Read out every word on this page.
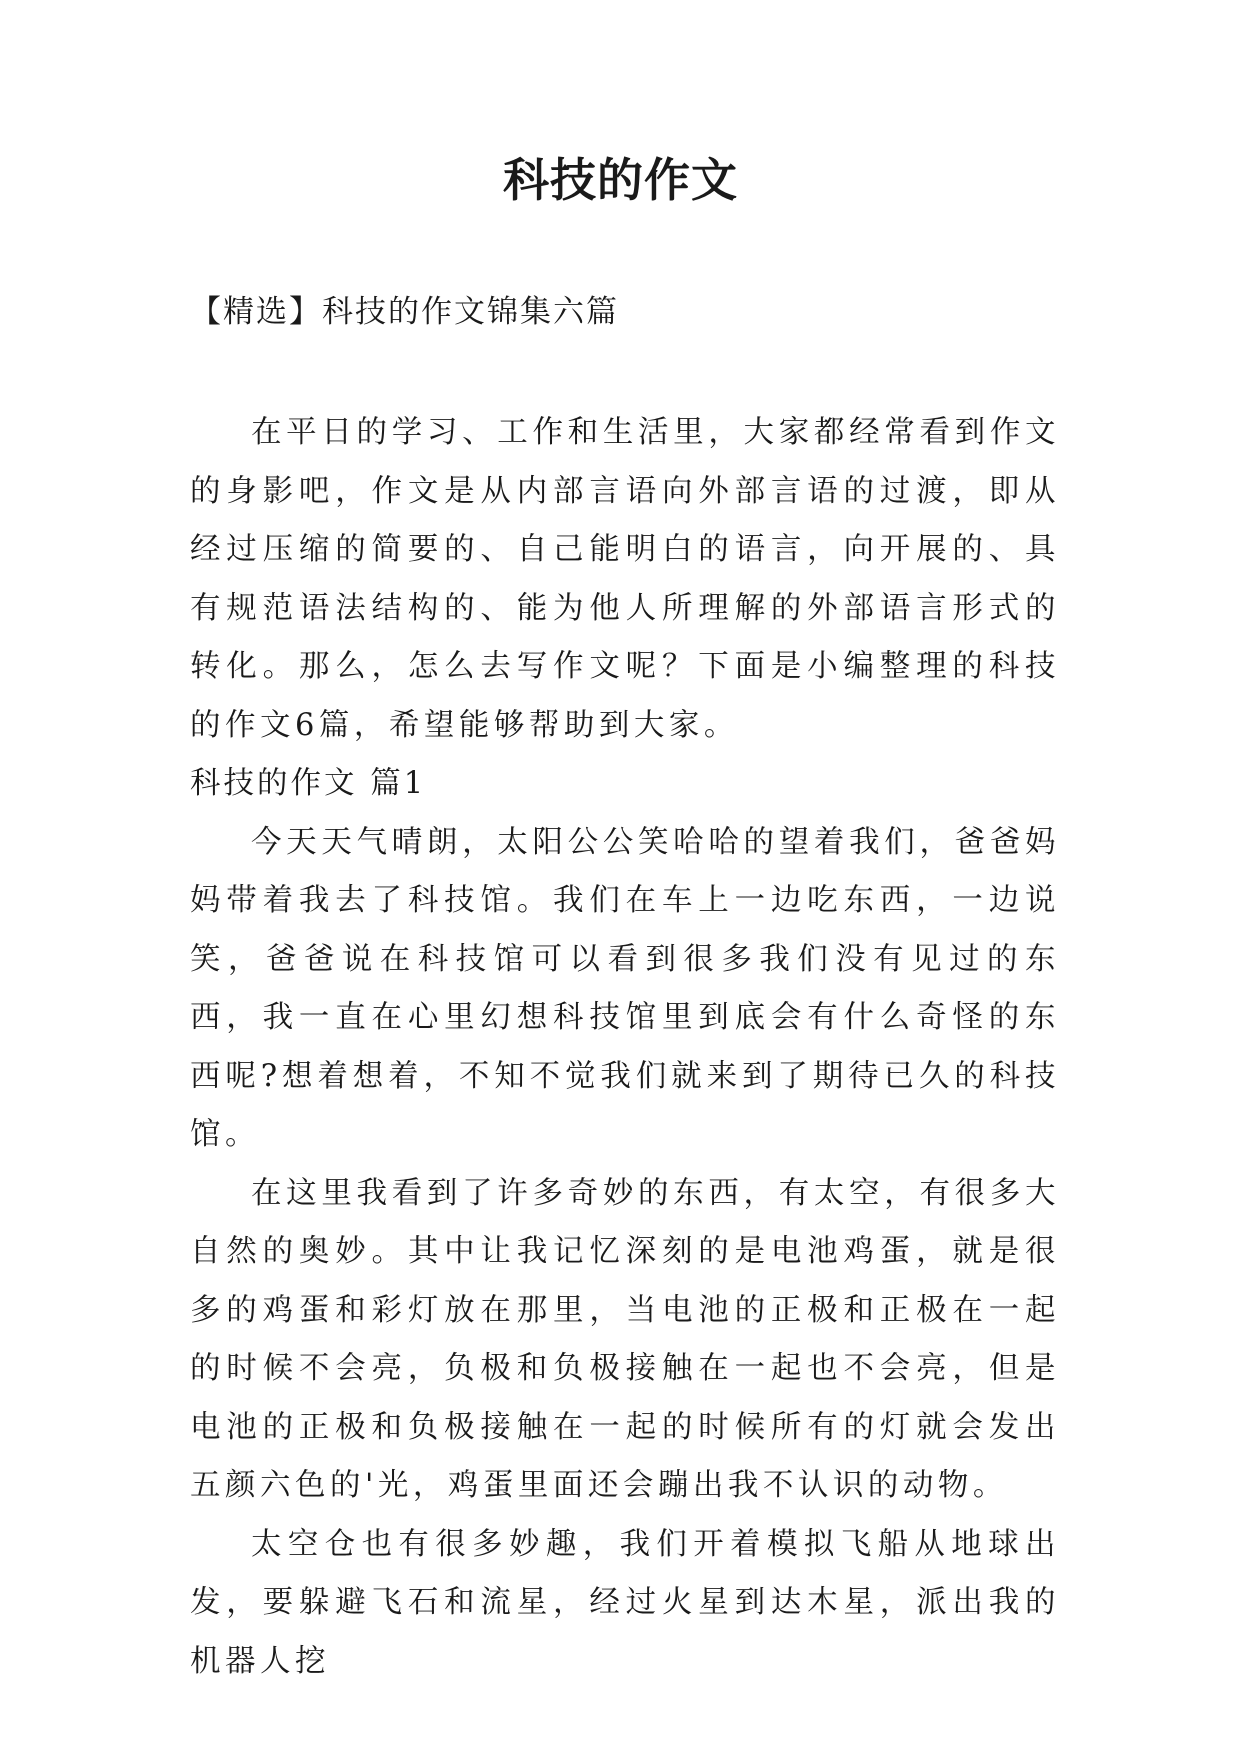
科技的作文
【精选】科技的作文锦集六篇

在平日的学习、工作和生活里，大家都经常看到作文的身影吧，作文是从内部言语向外部言语的过渡，即从经过压缩的简要的、自己能明白的语言，向开展的、具有规范语法结构的、能为他人所理解的外部语言形式的转化。那么，怎么去写作文呢？下面是小编整理的科技的作文6篇，希望能够帮助到大家。

科技的作文 篇1

今天天气晴朗，太阳公公笑哈哈的望着我们，爸爸妈妈带着我去了科技馆。我们在车上一边吃东西，一边说笑，爸爸说在科技馆可以看到很多我们没有见过的东西，我一直在心里幻想科技馆里到底会有什么奇怪的东西呢?想着想着，不知不觉我们就来到了期待已久的科技馆。

在这里我看到了许多奇妙的东西，有太空，有很多大自然的奥妙。其中让我记忆深刻的是电池鸡蛋，就是很多的鸡蛋和彩灯放在那里，当电池的正极和正极在一起的时候不会亮，负极和负极接触在一起也不会亮，但是电池的正极和负极接触在一起的时候所有的灯就会发出五颜六色的'光，鸡蛋里面还会蹦出我不认识的动物。

太空仓也有很多妙趣，我们开着模拟飞船从地球出发，要躲避飞石和流星，经过火星到达木星，派出我的机器人挖
